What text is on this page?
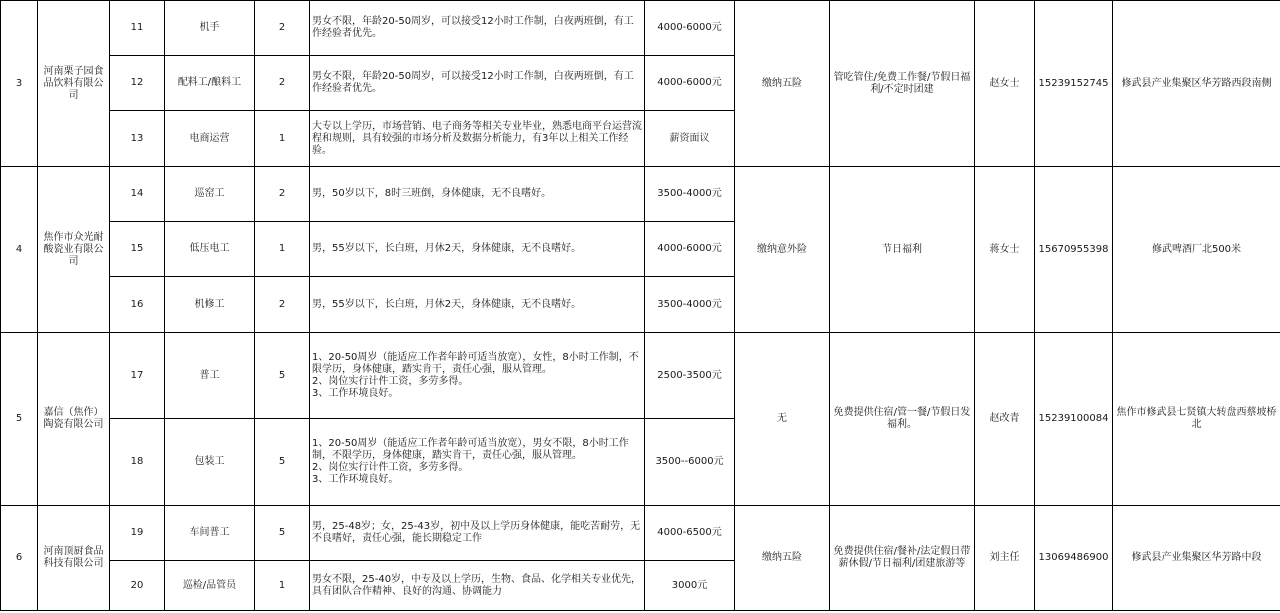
3	河南栗子园食品饮料有限公司	11	机手	2	男女不限，年龄20-50周岁，可以接受12小时工作制，白夜两班倒，有工作经验者优先。	4000-6000元	缴纳五险	管吃管住/免费工作餐/节假日福利/不定时团建	赵女士	15239152745	修武县产业集聚区华芳路西段南侧
		12	配料工/酿料工	2	男女不限，年龄20-50周岁，可以接受12小时工作制，白夜两班倒，有工作经验者优先。	4000-6000元					
		13	电商运营	1	大专以上学历，市场营销、电子商务等相关专业毕业，熟悉电商平台运营流程和规则，具有较强的市场分析及数据分析能力，有3年以上相关工作经验。	薪资面议					
4	焦作市众光耐酸瓷业有限公司	14	巡窑工	2	男，50岁以下，8时三班倒，身体健康，无不良嗜好。	3500-4000元	缴纳意外险	节日福利	蒋女士	15670955398	修武啤酒厂北500米
		15	低压电工	1	男，55岁以下，长白班，月休2天，身体健康，无不良嗜好。	4000-6000元					
		16	机修工	2	男，55岁以下，长白班，月休2天，身体健康，无不良嗜好。	3500-4000元					
5	嘉信（焦作）陶瓷有限公司	17	普工	5	1、20-50周岁（能适应工作者年龄可适当放宽），女性，8小时工作制，不限学历，身体健康，踏实肯干，责任心强，服从管理。
2、岗位实行计件工资，多劳多得。
3、工作环境良好。	2500-3500元	无	免费提供住宿/管一餐/节假日发福利。	赵改青	15239100084	焦作市修武县七贤镇大转盘西蔡坡桥北
		18	包装工	5	1、20-50周岁（能适应工作者年龄可适当放宽），男女不限，8小时工作制，不限学历，身体健康，踏实肯干，责任心强，服从管理。
2、岗位实行计件工资，多劳多得。
3、工作环境良好。	3500--6000元					
6	河南顶厨食品科技有限公司	19	车间普工	5	男，25-48岁；女，25-43岁，初中及以上学历身体健康，能吃苦耐劳，无不良嗜好，责任心强，能长期稳定工作	4000-6500元	缴纳五险	免费提供住宿/餐补/法定假日带薪休假/节日福利/团建旅游等	刘主任	13069486900	修武县产业集聚区华芳路中段
		20	巡检/品管员	1	男女不限，25-40岁，中专及以上学历，生物、食品、化学相关专业优先，具有团队合作精神、良好的沟通、协调能力	3000元					
